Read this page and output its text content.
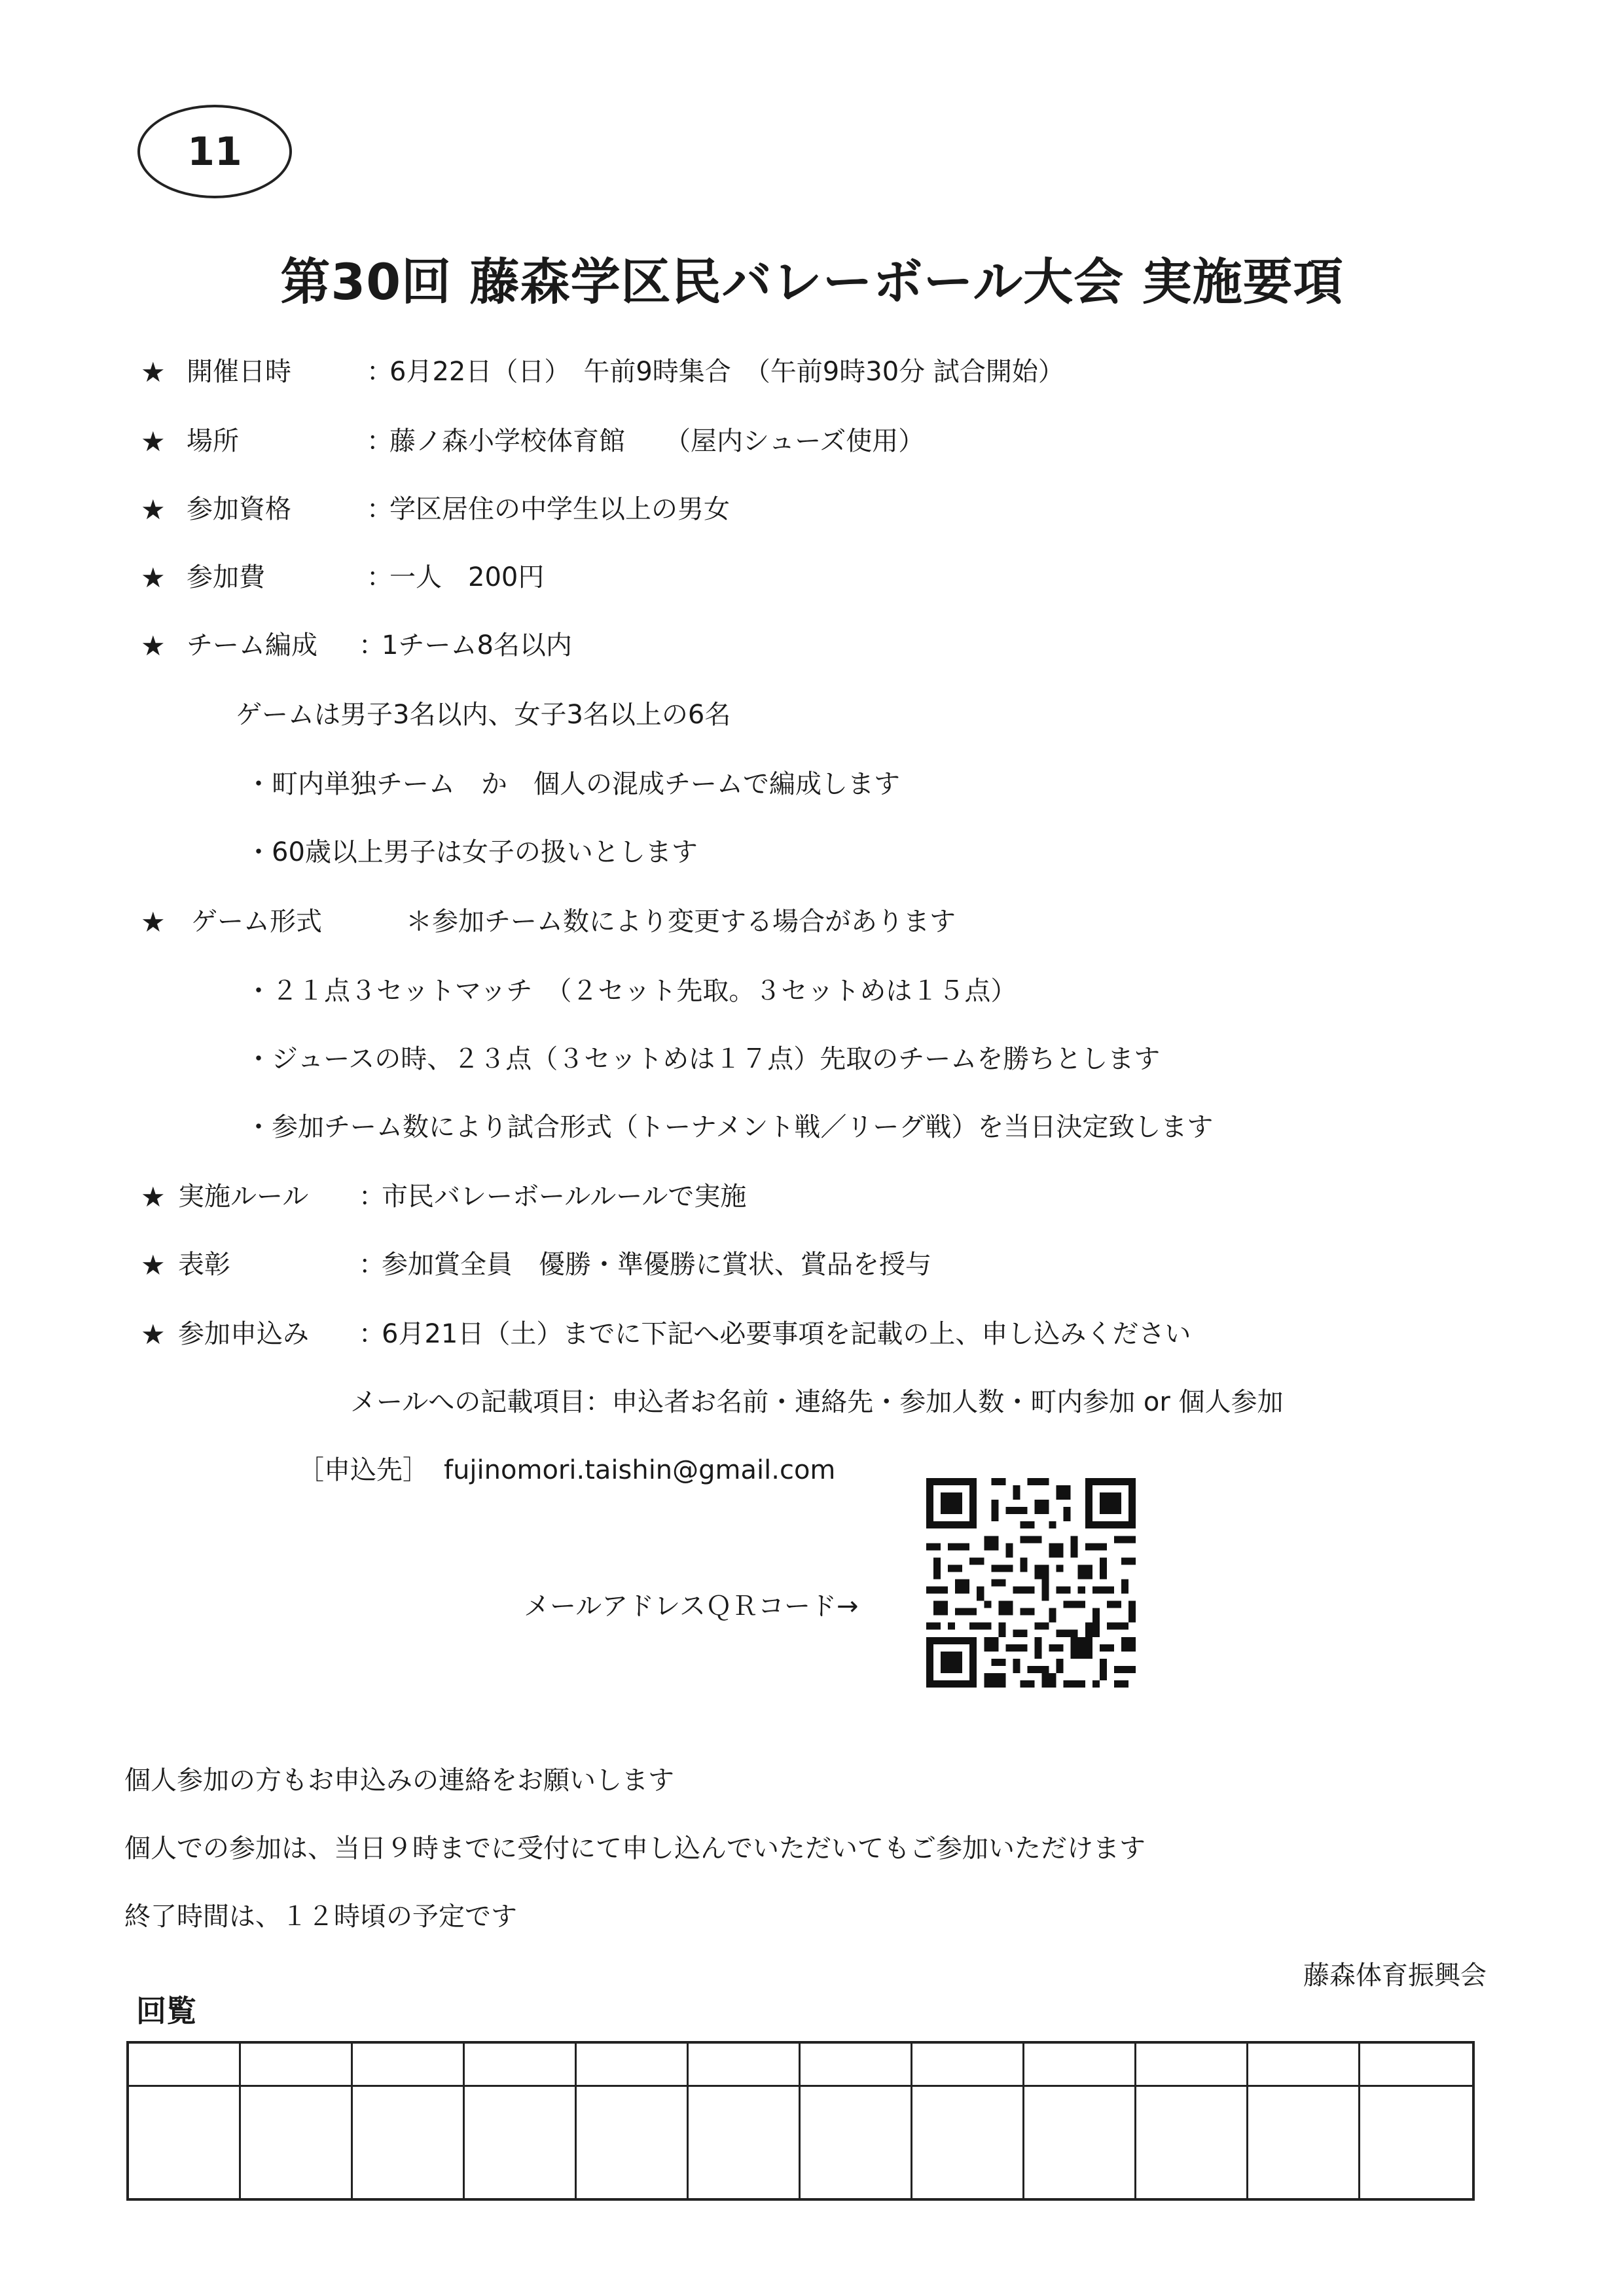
11
第30回 藤森学区民バレーボール大会 実施要項
★ 開催日時	：
6月22日（日）　午前9時集合　（午前9時30分 試合開始）
★ 場所	：
藤ノ森小学校体育館　　（屋内シューズ使用）
★ 参加資格	：
学区居住の中学生以上の男女
★ 参加費	：
一人　200円
★ チーム編成 ：
1チーム8名以内
ゲームは男子3名以内、女子3名以上の6名
・町内単独チーム　か　個人の混成チームで編成します
・60歳以上男子は女子の扱いとします
★ ゲーム形式	＊参加チーム数により変更する場合があります
・２１点３セットマッチ　（２セット先取。３セットめは１５点）
・ジュースの時、２３点（３セットめは１７点）先取のチームを勝ちとします
・参加チーム数により試合形式（トーナメント戦／リーグ戦）を当日決定致します
★ 実施ルール ：
市民バレーボールルールで実施
★ 表彰	：
参加賞全員　優勝・準優勝に賞状、賞品を授与
★ 参加申込み ：
6月21日（土）までに下記へ必要事項を記載の上、申し込みください
メールへの記載項目：申込者お名前・連絡先・参加人数・町内参加 or 個人参加
［申込先］ fujinomori.taishin@gmail.com
メールアドレスＱＲコード→
個人参加の方もお申込みの連絡をお願いします
個人での参加は、当日９時までに受付にて申し込んでいただいてもご参加いただけます
終了時間は、１２時頃の予定です
藤森体育振興会
回覧
